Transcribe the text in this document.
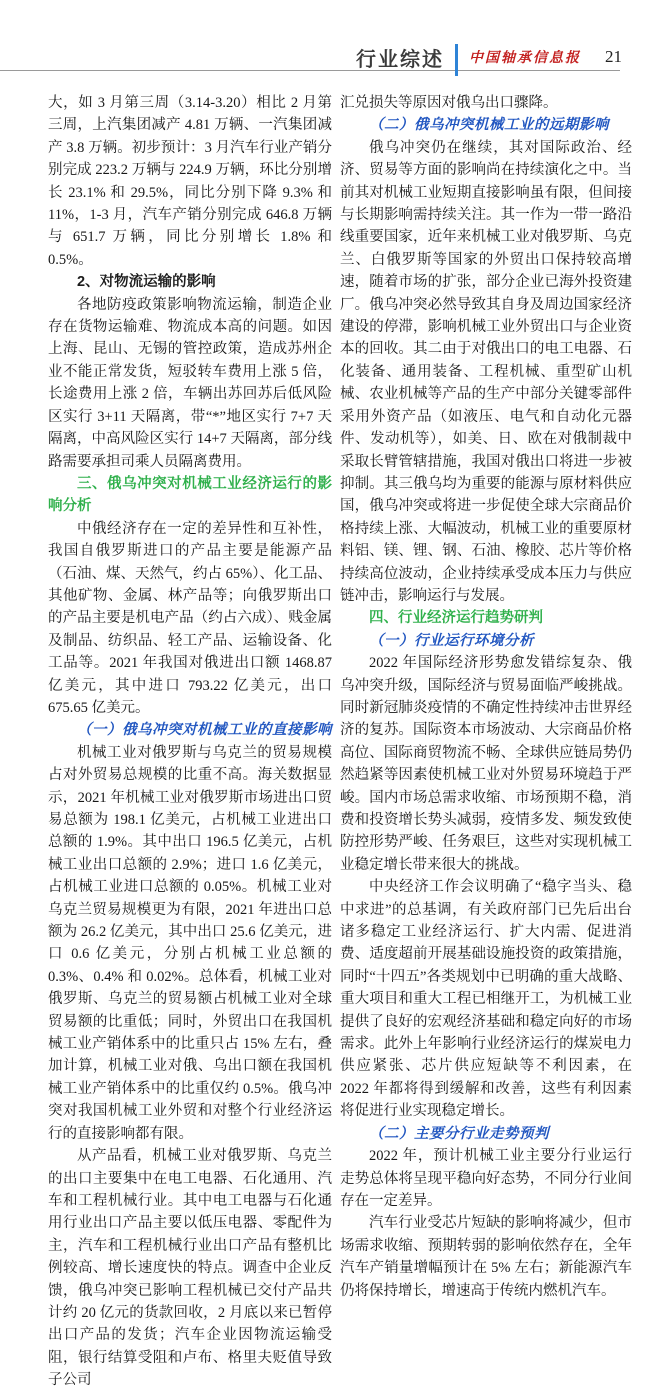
行业综述 中国轴承信息报 21

大，如 3 月第三周（3.14-3.20）相比 2 月第三周，上汽集团减产 4.81 万辆、一汽集团减产 3.8 万辆。初步预计：3 月汽车行业产销分别完成 223.2 万辆与 224.9 万辆，环比分别增长 23.1% 和 29.5%，同比分别下降 9.3% 和 11%，1-3 月，汽车产销分别完成 646.8 万辆与 651.7 万辆，同比分别增长 1.8% 和 0.5%。

2、对物流运输的影响

各地防疫政策影响物流运输，制造企业存在货物运输难、物流成本高的问题。如因上海、昆山、无锡的管控政策，造成苏州企业不能正常发货，短驳转车费用上涨 5 倍，长途费用上涨 2 倍，车辆出苏回苏后低风险区实行 3+11 天隔离，带“*”地区实行 7+7 天隔离，中高风险区实行 14+7 天隔离，部分线路需要承担司乘人员隔离费用。

三、俄乌冲突对机械工业经济运行的影响分析

中俄经济存在一定的差异性和互补性，我国自俄罗斯进口的产品主要是能源产品（石油、煤、天然气，约占 65%）、化工品、其他矿物、金属、林产品等；向俄罗斯出口的产品主要是机电产品（约占六成）、贱金属及制品、纺织品、轻工产品、运输设备、化工品等。2021 年我国对俄进出口额 1468.87 亿美元，其中进口 793.22 亿美元，出口 675.65 亿美元。

（一）俄乌冲突对机械工业的直接影响

机械工业对俄罗斯与乌克兰的贸易规模占对外贸易总规模的比重不高。海关数据显示，2021 年机械工业对俄罗斯市场进出口贸易总额为 198.1 亿美元，占机械工业进出口总额的 1.9%。其中出口 196.5 亿美元，占机械工业出口总额的 2.9%；进口 1.6 亿美元，占机械工业进口总额的 0.05%。机械工业对乌克兰贸易规模更为有限，2021 年进出口总额为 26.2 亿美元，其中出口 25.6 亿美元，进口 0.6 亿美元，分别占机械工业总额的 0.3%、0.4% 和 0.02%。总体看，机械工业对俄罗斯、乌克兰的贸易额占机械工业对全球贸易额的比重低；同时，外贸出口在我国机械工业产销体系中的比重只占 15% 左右，叠加计算，机械工业对俄、乌出口额在我国机械工业产销体系中的比重仅约 0.5%。俄乌冲突对我国机械工业外贸和对整个行业经济运行的直接影响都有限。

从产品看，机械工业对俄罗斯、乌克兰的出口主要集中在电工电器、石化通用、汽车和工程机械行业。其中电工电器与石化通用行业出口产品主要以低压电器、零配件为主，汽车和工程机械行业出口产品有整机比例较高、增长速度快的特点。调查中企业反馈，俄乌冲突已影响工程机械已交付产品共计约 20 亿元的货款回收，2 月底以来已暂停出口产品的发货；汽车企业因物流运输受阻，银行结算受阻和卢布、格里夫贬值导致子公司

汇兑损失等原因对俄乌出口骤降。

（二）俄乌冲突机械工业的远期影响

俄乌冲突仍在继续，其对国际政治、经济、贸易等方面的影响尚在持续演化之中。当前其对机械工业短期直接影响虽有限，但间接与长期影响需持续关注。其一作为一带一路沿线重要国家，近年来机械工业对俄罗斯、乌克兰、白俄罗斯等国家的外贸出口保持较高增速，随着市场的扩张，部分企业已海外投资建厂。俄乌冲突必然导致其自身及周边国家经济建设的停滞，影响机械工业外贸出口与企业资本的回收。其二由于对俄出口的电工电器、石化装备、通用装备、工程机械、重型矿山机械、农业机械等产品的生产中部分关键零部件采用外资产品（如液压、电气和自动化元器件、发动机等），如美、日、欧在对俄制裁中采取长臂管辖措施，我国对俄出口将进一步被抑制。其三俄乌均为重要的能源与原材料供应国，俄乌冲突或将进一步促使全球大宗商品价格持续上涨、大幅波动，机械工业的重要原材料铝、镁、锂、钢、石油、橡胶、芯片等价格持续高位波动，企业持续承受成本压力与供应链冲击，影响运行与发展。

四、行业经济运行趋势研判

（一）行业运行环境分析

2022 年国际经济形势愈发错综复杂、俄乌冲突升级，国际经济与贸易面临严峻挑战。同时新冠肺炎疫情的不确定性持续冲击世界经济的复苏。国际资本市场波动、大宗商品价格高位、国际商贸物流不畅、全球供应链局势仍然趋紧等因素使机械工业对外贸易环境趋于严峻。国内市场总需求收缩、市场预期不稳，消费和投资增长势头减弱，疫情多发、频发致使防控形势严峻、任务艰巨，这些对实现机械工业稳定增长带来很大的挑战。

中央经济工作会议明确了“稳字当头、稳中求进”的总基调，有关政府部门已先后出台诸多稳定工业经济运行、扩大内需、促进消费、适度超前开展基础设施投资的政策措施，同时“十四五”各类规划中已明确的重大战略、重大项目和重大工程已相继开工，为机械工业提供了良好的宏观经济基础和稳定向好的市场需求。此外上年影响行业经济运行的煤炭电力供应紧张、芯片供应短缺等不利因素，在 2022 年都将得到缓解和改善，这些有利因素将促进行业实现稳定增长。

（二）主要分行业走势预判

2022 年，预计机械工业主要分行业运行走势总体将呈现平稳向好态势，不同分行业间存在一定差异。

汽车行业受芯片短缺的影响将减少，但市场需求收缩、预期转弱的影响依然存在，全年汽车产销量增幅预计在 5% 左右；新能源汽车仍将保持增长，增速高于传统内燃机汽车。
